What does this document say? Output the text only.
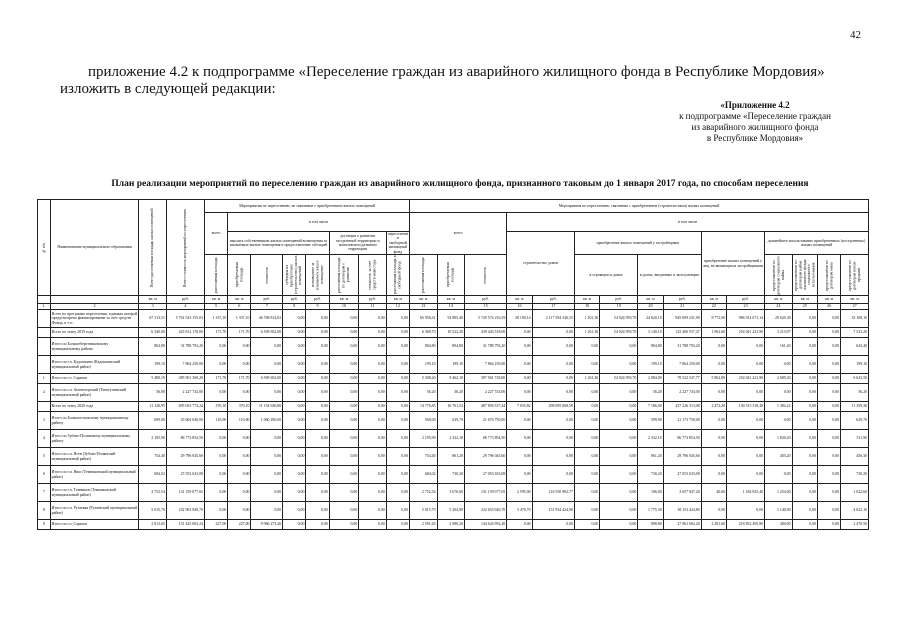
42
приложение 4.2 к подпрограмме «Переселение граждан из аварийного жилищного фонда в Республике Мордовия» изложить в следующей редакции:
«Приложение 4.2
к подпрограмме «Переселение граждан
из аварийного жилищного фонда
в Республике Мордовия»
План реализации мероприятий по переселению граждан из аварийного жилищного фонда, признанного таковым до 1 января 2017 года, по способам переселения
№ п/п	Наименование муниципального образования	Всего расселяемая площадь жилых помещений	Всего стоимость мероприятий по переселению	Мероприятия по переселению, не связанные с приобретением жилых помещений								Мероприятия по переселению, связанные с приобретением (строительством) жилых помещений														
				всего	в том числе							всего			в том числе											
					выплата собственникам жилых помещений возмещения за изымаемые жилые помещения и предоставление субсидий				договоры о развитии застроенной территории и комплексном развитии территории		переселение в свободный жилищный фонд				строительство домов		приобретение жилых помещений у застройщиков				приобретение жилых помещений у лиц, не являющихся застройщиками		дальнейшее использование приобретенных (построенных) жилых помещений			

				расселяемая площадь	приобретаемая площадь	стоимость	субсидия на приобретение (строительство) жилых помещений	возмещение за изымаемое жилое помещение	расселяемая площадь по договорам о развитии	стоимость за счет средств инвестора	расселяемая площадь в свободный фонд	расселяемая площадь	приобретаемая площадь	стоимость			в строящихся домах		в домах, введенных в эксплуатацию				предоставление по договорам социального найма	предоставление по договорам найма жилищного фонда социального использования	предоставление по договорам мены	предоставление по договорам купли-продажи

		кв. м	руб.	кв. м	кв. м	руб.	руб.	руб.	кв. м	руб.	кв. м	кв. м	кв. м	руб.	кв. м	руб.	кв. м	руб.	кв. м	руб.	кв. м	руб.	кв. м	кв. м	кв. м	кв. м
1	2	3	4	5	6	7	8	9	10	11	12	13	14	15	16	17	18	19	20	21	22	23	24	25	26	27
	Всего по программе переселения, в рамках которой предусмотрено финансирование за счет средств Фонда, в т.ч.:	67 313,51	5 702 543 155,03	1 337,10	1 337,10	46 768 814,02	0,00	0,00	0,00	0,00	0,00	65 958,41	92 885,40	5 745 574 216,59	28 190,14	2 117 594 340,55	1 201,30	54 924 959,70	24 620,10	945 009 231,90	8 772,00	986 914 671,14	29 620,30	0,00	0,00	33 108,10
	Всего по этапу 2019 года	6 540,00	425 812 170,00	171,70	171,70	6 509 652,00	0,00	0,00	0,00	0,00	0,00	6 368,70	10 522,20	439 443 518,00	0,00	0,00	1 261,30	54 924 959,70	3 140,10	125 406 557,47	1 962,60	254 041 221,90	3 213,97	0,00	0,00	7 523,20
	Итого по Большеберезниковскому муниципальному району	804,80	31 788 793,20	0,00	0,00	0,00	0,00	0,00	0,00	0,00	0,00	804,80	804,80	31 788 793,20	0,00	0,00	0,00	0,00	804,80	31 788 793,20	0,00	0,00	161,40	0,00	0,00	643,40
	Итого по г.п. Кадошкино (Кадошкинский муниципальный район)	199,10	7 864 250,00	0,00	0,00	0,00	0,00	0,00	0,00	0,00	0,00	199,10	199,10	7 864 250,00	0,00	0,00	0,00	0,00	199,10	7 864 250,00	0,00	0,00	0,00	0,00	0,00	199,10
1	Итого по г.о. Саранск	5 480,10	385 901 369,20	171,70	171,70	6 509 652,00	0,00	0,00	0,00	0,00	0,00	5 308,40	9 462,10	397 561 728,00	0,00	0,00	1 261,30	54 924 959,70	2 084,00	78 522 547,77	5 962,80	254 041 221,90	2 685,30	0,00	0,00	6 623,50
2	Итого по г.п. Зеленогорский (Теньгушевский муниципальный район)	56,00	2 227 743,00	0,00	0,00	0,00	0,00	0,00	0,00	0,00	0,00	56,20	56,20	2 227 743,00	0,00	0,00	0,00	0,00	56,20	2 227 743,00	0,00	0,00	0,00	0,00	0,00	56,20
	Всего по этапу 2020 года	11 120,95	495 053 774,24	370,10	370,10	11 154 636,80	0,00	0,00	0,00	0,00	0,00	14 776,85	16 761,52	487 856 337,44	7 035,82	298 095 068,58	0,00	0,00	7 186,00	257 226 313,08	2 472,20	130 515 318,48	1 382,22	0,00	0,00	11 359,30
3	Итого по Большеелховскому муниципальному району	699,00	25 604 040,00	110,00	110,00	1 060 290,00	0,00	0,00	0,00	0,00	0,00	569,00	639,70	21 670 750,00	0,00	0,00	0,00	0,00	599,90	21 173 750,00	0,00	0,00	0,00	0,00	0,00	629,70
4	Итого по Зубово-Полянскому муниципальному району	2 195,90	86 773 854,50	0,00	0,00	0,00	0,00	0,00	0,00	0,00	0,00	2 195,90	2 332,10	86 773 854,50	0,00	0,00	0,00	0,00	2 332,10	86 773 854,50	0,00	0,00	1 820,20	0,00	0,00	511,90
5	Итого по г.п. Ясен (Зубово-Полянский муниципальный район)	754,40	29 796 045,60	0,00	0,00	0,00	0,00	0,00	0,00	0,00	0,00	754,40	861,20	29 796 045,60	0,00	0,00	0,00	0,00	861,20	29 796 045,60	0,00	0,00	405,20	0,00	0,00	456,30
6	Итого по г.п. Явас (Темниковский муниципальный район)	684,02	27 053 633,08	0,00	0,00	0,00	0,00	0,00	0,00	0,00	0,00	684,02	730,20	27 053 633,08	0,00	0,00	0,00	0,00	730,20	27 053 633,08	0,00	0,00	0,00	0,00	0,00	730,20
7	Итого по г.п. Темников (Темниковский муниципальный район)	2 752,54	131 159 077,65	0,00	0,00	0,00	0,00	0,00	0,00	0,00	0,00	2 752,54	3 676,60	131 159 077,65	2 595,00	116 550 982,77	0,00	0,00	106,00	3 657 847,20	40,60	1 184 825,40	1 254,00	0,00	0,00	1 022,60
8	Итого по г.п. Рузаевка (Рузаевский муниципальный район)	5 015,70	232 903 940,70	0,00	0,00	0,00	0,00	0,00	0,00	0,00	0,00	5 015,70	5 204,90	232 653 940,70	3 470,70	151 934 424,90	0,00	0,00	1 775,30	38 153 424,80	0,00	0,00	1 140,90	0,00	0,00	4 022,10
9	Итого по г.о. Саранск	2 813,65	151 425 003,24	227,00	227,00	9 966 273,26	0,00	0,00	0,00	0,00	0,00	2 591,65	2 980,20	144 624 992,20	0,00	0,00	0,00	0,00	898,80	27 961 602,20	2 291,60	218 852 495,80	400,00	0,00	0,00	2 470,50
